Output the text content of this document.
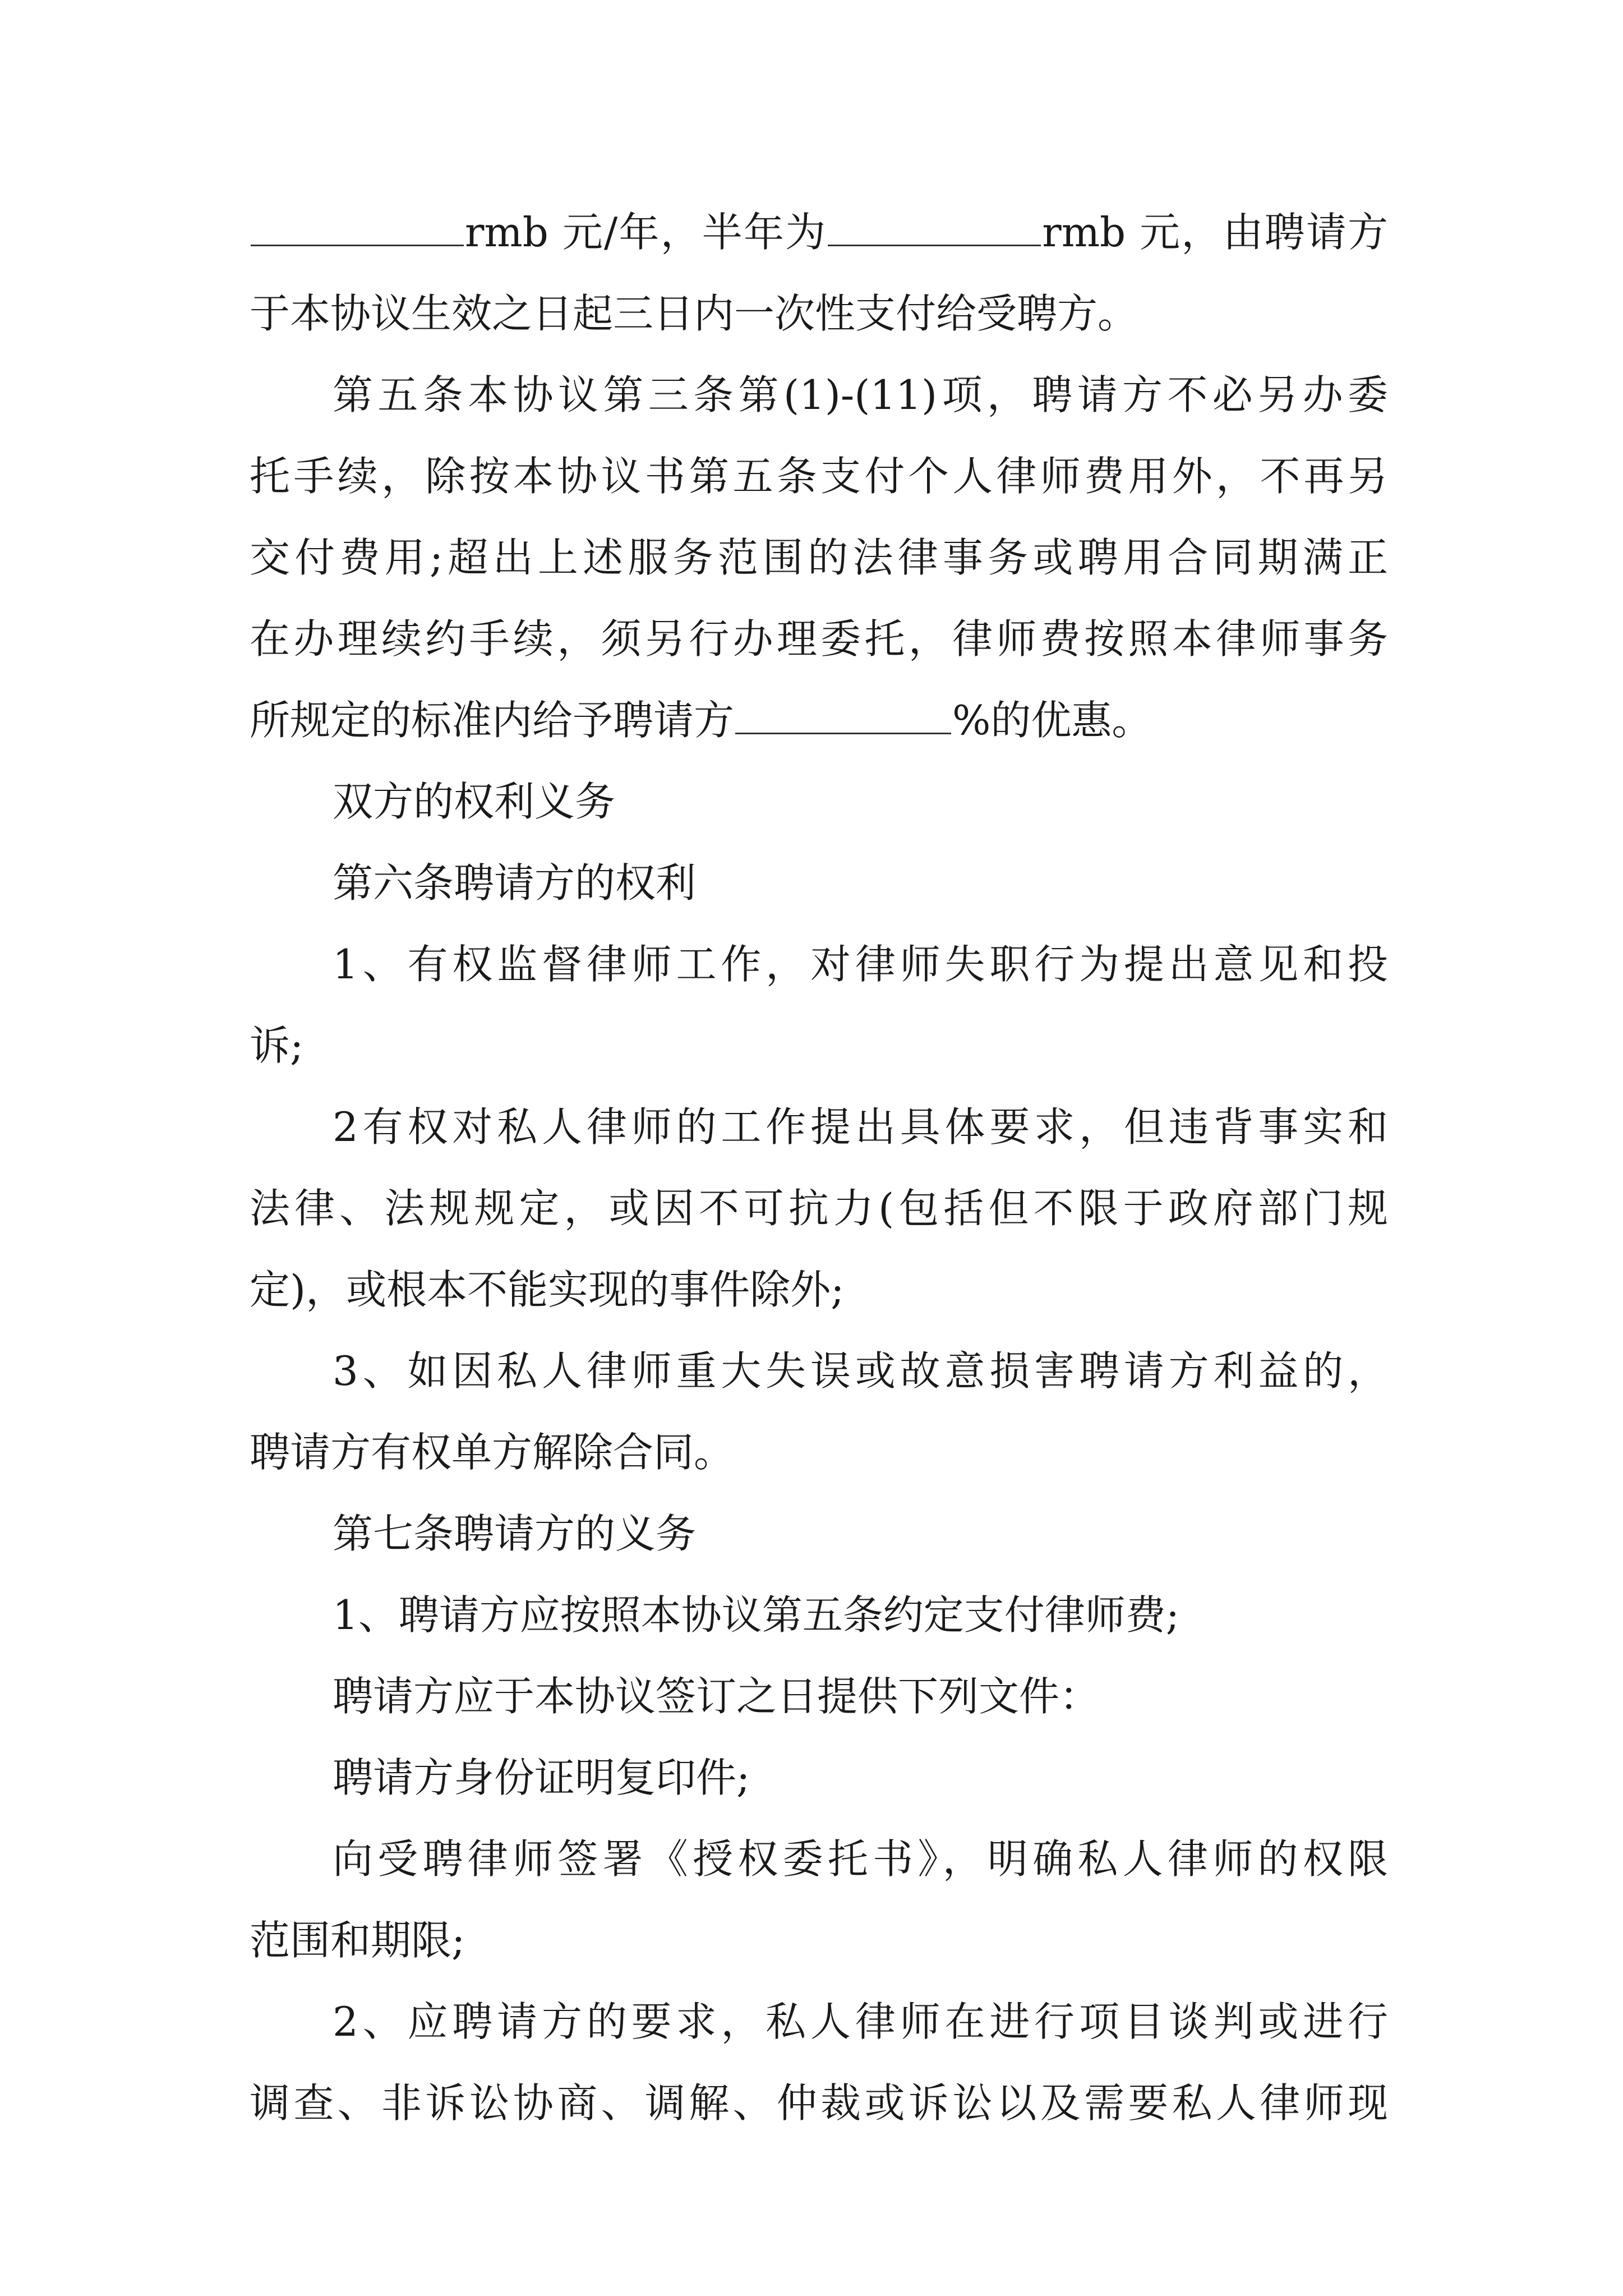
rmb 元/年，半年为	rmb 元，由聘请方
于本协议生效之日起三日内一次性支付给受聘方。
第五条本协议第三条第(1)-(11)项，聘请方不必另办委
托手续，除按本协议书第五条支付个人律师费用外，不再另
交付费用;超出上述服务范围的法律事务或聘用合同期满正
在办理续约手续，须另行办理委托，律师费按照本律师事务
所规定的标准内给予聘请方	%的优惠。
双方的权利义务
第六条聘请方的权利
1、有权监督律师工作，对律师失职行为提出意见和投
诉;
2有权对私人律师的工作提出具体要求，但违背事实和
法律、法规规定，或因不可抗力(包括但不限于政府部门规
定)，或根本不能实现的事件除外;
3、如因私人律师重大失误或故意损害聘请方利益的，
聘请方有权单方解除合同。
第七条聘请方的义务
1、聘请方应按照本协议第五条约定支付律师费;
聘请方应于本协议签订之日提供下列文件：
聘请方身份证明复印件;
向受聘律师签署《授权委托书》，明确私人律师的权限
范围和期限;
2、应聘请方的要求，私人律师在进行项目谈判或进行
调查、非诉讼协商、调解、仲裁或诉讼以及需要私人律师现
